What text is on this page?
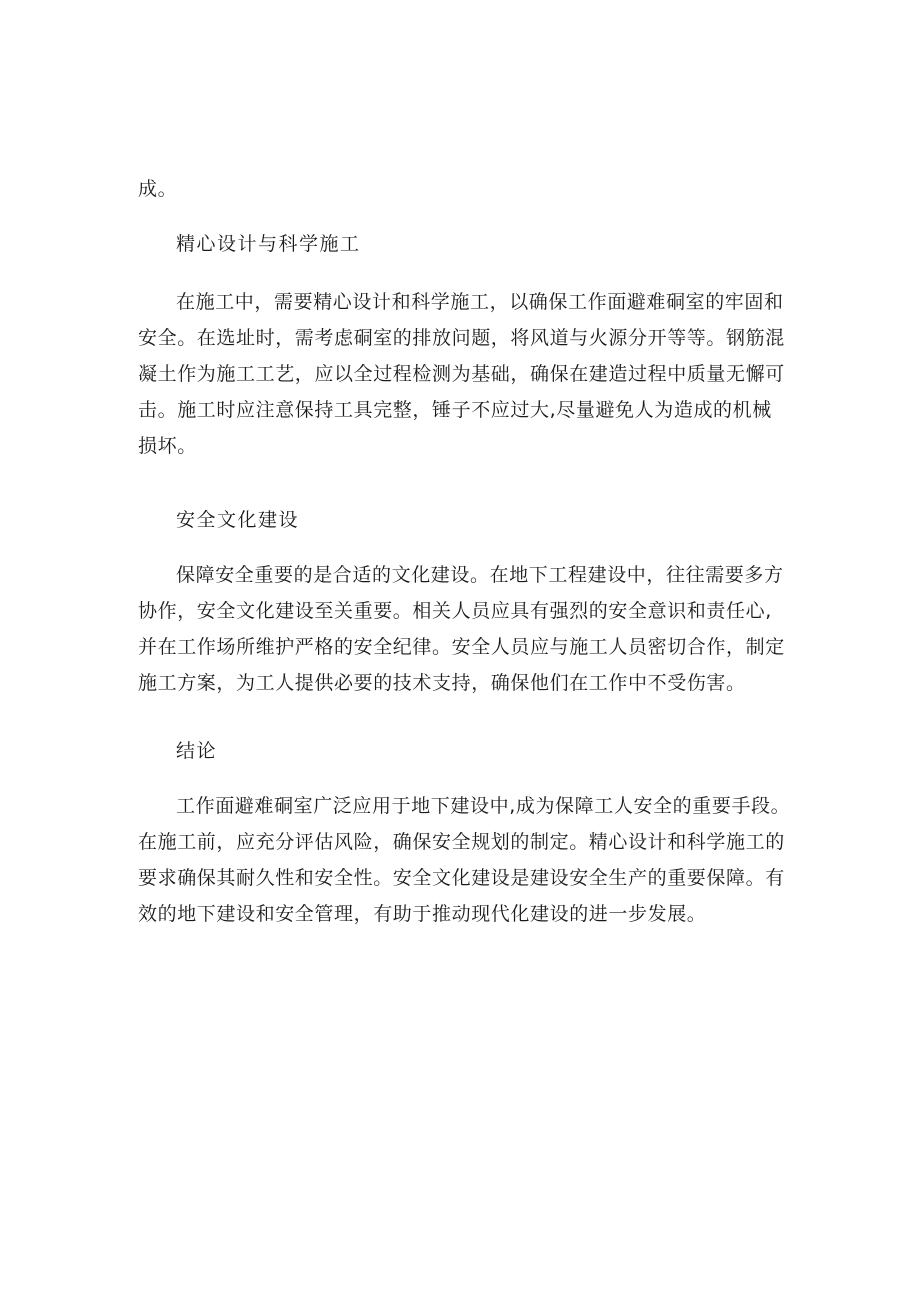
成。

精心设计与科学施工

在施工中，需要精心设计和科学施工，以确保工作面避难硐室的牢固和
安全。在选址时，需考虑硐室的排放问题，将风道与火源分开等等。钢筋混
凝土作为施工工艺，应以全过程检测为基础，确保在建造过程中质量无懈可
击。施工时应注意保持工具完整，锤子不应过大,尽量避免人为造成的机械
损坏。

安全文化建设

保障安全重要的是合适的文化建设。在地下工程建设中，往往需要多方
协作，安全文化建设至关重要。相关人员应具有强烈的安全意识和责任心,
并在工作场所维护严格的安全纪律。安全人员应与施工人员密切合作，制定
施工方案，为工人提供必要的技术支持，确保他们在工作中不受伤害。

结论

工作面避难硐室广泛应用于地下建设中,成为保障工人安全的重要手段。
在施工前，应充分评估风险，确保安全规划的制定。精心设计和科学施工的
要求确保其耐久性和安全性。安全文化建设是建设安全生产的重要保障。有
效的地下建设和安全管理，有助于推动现代化建设的进一步发展。
